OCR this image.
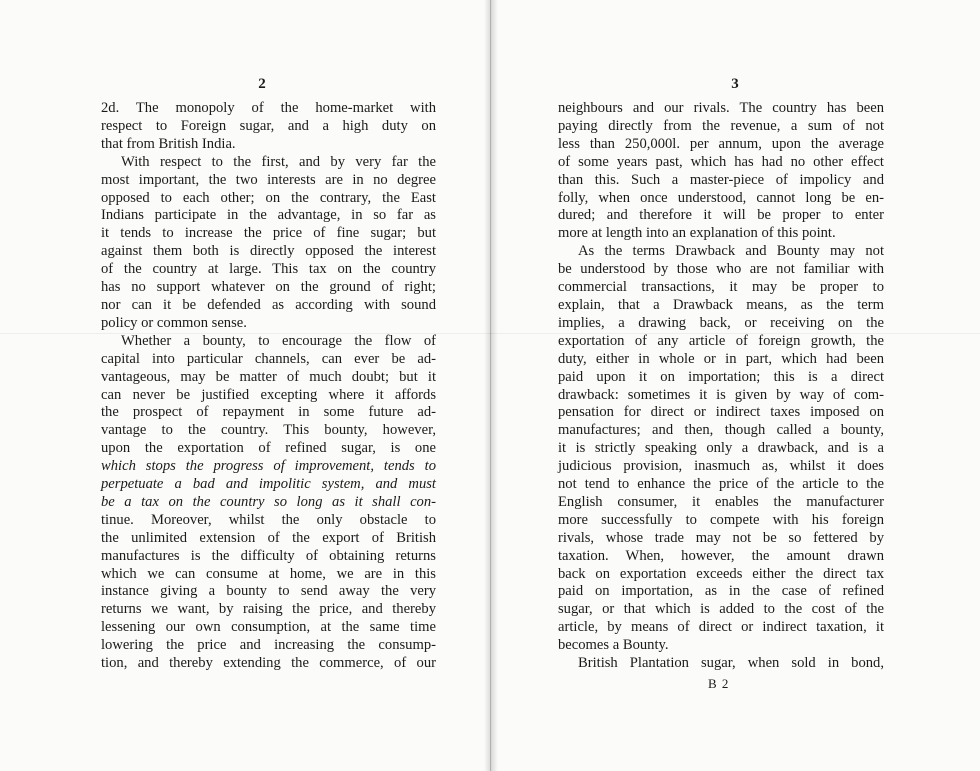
2
2d. The monopoly of the home-market with
respect to Foreign sugar, and a high duty on
that from British India.
With respect to the first, and by very far the
most important, the two interests are in no degree
opposed to each other; on the contrary, the East
Indians participate in the advantage, in so far as
it tends to increase the price of fine sugar; but
against them both is directly opposed the interest
of the country at large. This tax on the country
has no support whatever on the ground of right;
nor can it be defended as according with sound
policy or common sense.
Whether a bounty, to encourage the flow of
capital into particular channels, can ever be ad-
vantageous, may be matter of much doubt; but it
can never be justified excepting where it affords
the prospect of repayment in some future ad-
vantage to the country. This bounty, however,
upon the exportation of refined sugar, is one
which stops the progress of improvement, tends to
perpetuate a bad and impolitic system, and must
be a tax on the country so long as it shall con-
tinue. Moreover, whilst the only obstacle to
the unlimited extension of the export of British
manufactures is the difficulty of obtaining returns
which we can consume at home, we are in this
instance giving a bounty to send away the very
returns we want, by raising the price, and thereby
lessening our own consumption, at the same time
lowering the price and increasing the consump-
tion, and thereby extending the commerce, of our
3
neighbours and our rivals. The country has been
paying directly from the revenue, a sum of not
less than 250,000l. per annum, upon the average
of some years past, which has had no other effect
than this. Such a master-piece of impolicy and
folly, when once understood, cannot long be en-
dured; and therefore it will be proper to enter
more at length into an explanation of this point.
As the terms Drawback and Bounty may not
be understood by those who are not familiar with
commercial transactions, it may be proper to
explain, that a Drawback means, as the term
implies, a drawing back, or receiving on the
exportation of any article of foreign growth, the
duty, either in whole or in part, which had been
paid upon it on importation; this is a direct
drawback: sometimes it is given by way of com-
pensation for direct or indirect taxes imposed on
manufactures; and then, though called a bounty,
it is strictly speaking only a drawback, and is a
judicious provision, inasmuch as, whilst it does
not tend to enhance the price of the article to the
English consumer, it enables the manufacturer
more successfully to compete with his foreign
rivals, whose trade may not be so fettered by
taxation. When, however, the amount drawn
back on exportation exceeds either the direct tax
paid on importation, as in the case of refined
sugar, or that which is added to the cost of the
article, by means of direct or indirect taxation, it
becomes a Bounty.
British Plantation sugar, when sold in bond,
B 2
